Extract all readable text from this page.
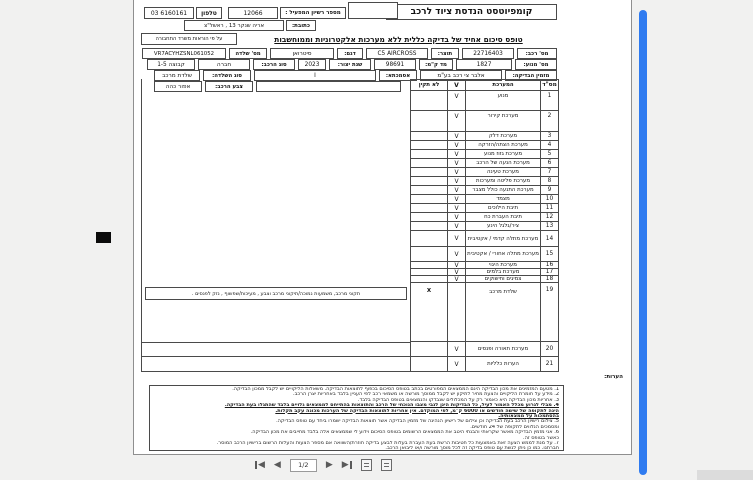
קומפיוטסט הנדסת ציוד לרכב
03 6160161	טלפון	12066	מספר רשיון המפעיל :
אריה שנקר 13 , ראשל"צ	כתובת:
על פי הוראות משרד התחבורה	טופס סיכום אחיד של בדיקה כללית ללא מערכות אלקטרוניות וממוחשבות
מס' רכב:
22716403
תוצר:
C5 AIRCROSS
דגם:
סיטרואן
מס' שלדה
VR7ACYHZSNL061052
מס' מנוע:
1827
מד ק"מ:
98691
שנת יצור:
2023
סוג הרכב:
חברה
קבוצה 1-5
מזמין הבדיקה:
אלבר צי רכב בע"מ
אסמכתא:
I
סוג השלדה:
שלדת מרכב
צבע הרכב:
אפור כהה	לא תקין	V	המערכת	מס"ד
V	מנוע	1
V	מערכת קירור	2
V	מערכת דלק	3
V	מערכת הצתה/הזרקה	4
V	מערכת גזוז מנוע	5
V	מערכת הנעה של הרכב	6
V	מערכת טעינה	7
V	מערכת פליטה ומערכות	8
V	מערכת התנעה כולל מצבר	9
V	מצמד	10
V	תיבת הילוכים	11
V	תיבת העברת כח	12
V	ציר/גלגל הינע	13
V	מערכת מתלה קדמי / אקטיבית	14
V	מערכת מתלה אחורי / אקטיבית	15
V	מערכת היגוי	16
V	מערכת בלמים	17
V	צמיגים וחישוקים	18
תקוני מרכב, משמעות נמוכה/תיקוני מרכב וצבע , מעיכות/שפשוף , נזק לפנסים .	X	שלדת מרכב	19
V	מערכת תאורה ופנסים	20
V	הערות כלליות	21
הערות:
1. מטעם המזמינים את מכון הבדיקה הינם הממצאים המפורטים בכתב בטופס הסיכום בכפוף לתוצאות הבדיקה. משאלות הליקויים יש לקבל ממכון הבדיקה.
2. מידע על חומרת הליקויים והצעת מחיר לתיקון יש לקבל ממוסך מורשה או משמאי רכב לפי העניין בלבד באחריות יצרן הרכב.
3. אחריות מכון הבדיקה היא כאמור רק על המכלולים שנבדקו והנמצאים בטופס הבדיקה בלבד.
4. מבלי לגרוע מכלל האמור לעיל, כל הבדיקות הינן לגבי מצבו הנוכחי של הרכב והתוצאות בהתייחס לממצאים גלויים בלבד שהתגלו בעת הבדיקה.
הינה לתקופה של שישה חודשים או 6000 ק"מ, לפי המוקדם. אין אחריות לתוצאות הבדיקה של הערכות מכונה עקב תקלות.
בהסתמכות על ממצאותיה.
5. צילום רישיון הרכב בעת הבדיקה וכן צילום של רישיון הנהיגה של מזמין הבדיקה אשר תוצאות הבדיקה ישמרו ביחד עם טופס הבדיקה.
ומסמכים הנלווים לתקופה של 24 חודשים.
6. אני מזמין הבדיקה מאשר שקראתי והבנתי היטב את הממצאים הרשומים בטופס הסיכום וידוע לי שממצאים אלה בלבד מחייבים את מכון הבדיקה.
כאשר בטופס זה.
7. על מנת לממש הצעה זאת באמצעות כל חטיבות הרשת בעת העברת בעלות לבצע בדיקה חוזרת/השוואה אם מספר הצעות והעלות הרשום ברישיון הרכב המוסר.
חברתנו. כמו כן ניתן לגשת עם טופס בדיקה זה לכל מוסך מורשה ו/או ליבואן הרכב.
◀ ◀	1/2	▶ ▶
